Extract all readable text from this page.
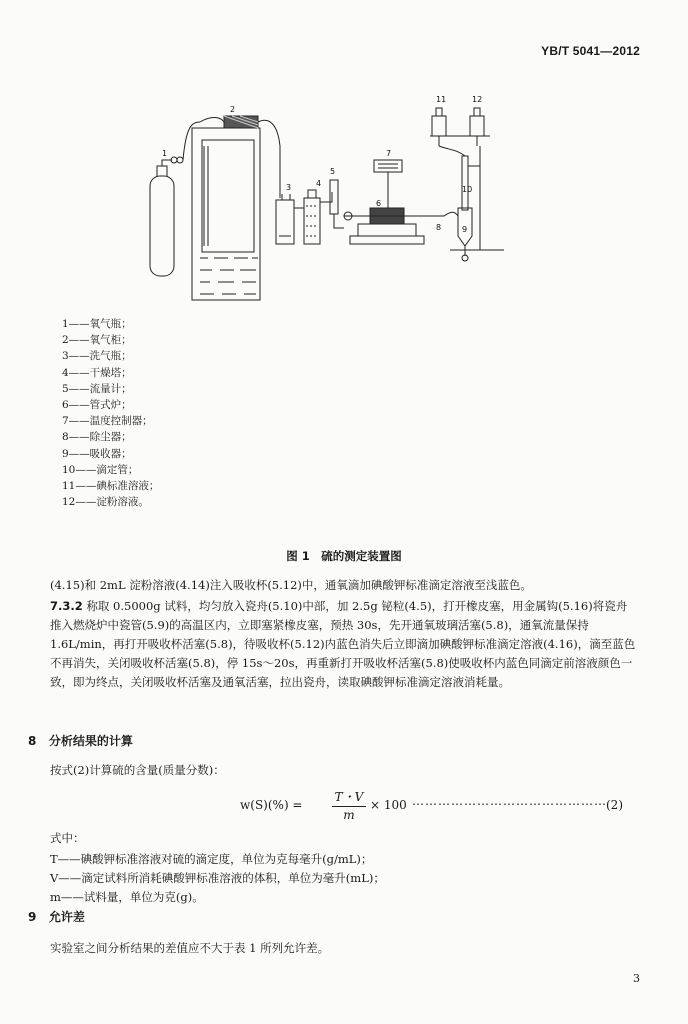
YB/T 5041—2012
1
2
3	4
5
6
7
8	9
10
11	12
1——氧气瓶；
2——氧气柜；
3——洗气瓶；
4——干燥塔；
5——流量计；
6——管式炉；
7——温度控制器；
8——除尘器；
9——吸收器；
10——滴定管；
11——碘标准溶液；
12——淀粉溶液。
图 1　硫的测定装置图
(4.15)和 2mL 淀粉溶液(4.14)注入吸收杯(5.12)中，通氧滴加碘酸钾标准滴定溶液至浅蓝色。
7.3.2 称取 0.5000g 试料，均匀放入瓷舟(5.10)中部，加 2.5g 铋粒(4.5)，打开橡皮塞，用金属钩(5.16)将瓷舟推入燃烧炉中瓷管(5.9)的高温区内，立即塞紧橡皮塞，预热 30s，先开通氧玻璃活塞(5.8)，通氧流量保持 1.6L/min，再打开吸收杯活塞(5.8)，待吸收杯(5.12)内蓝色消失后立即滴加碘酸钾标准滴定溶液(4.16)，滴至蓝色不再消失，关闭吸收杯活塞(5.8)，停 15s～20s，再重新打开吸收杯活塞(5.8)使吸收杯内蓝色同滴定前溶液颜色一致，即为终点，关闭吸收杯活塞及通氧活塞，拉出瓷舟，读取碘酸钾标准滴定溶液消耗量。
8 分析结果的计算
按式(2)计算硫的含量(质量分数)：
$w(S)(\%) = \frac{T・V}{m} \times 100$ ……………………………………… (2)
式中：
T——碘酸钾标准溶液对硫的滴定度，单位为克每毫升(g/mL)；
V——滴定试料所消耗碘酸钾标准溶液的体积，单位为毫升(mL)；
m——试料量，单位为克(g)。
9 允许差
实验室之间分析结果的差值应不大于表 1 所列允许差。
3
